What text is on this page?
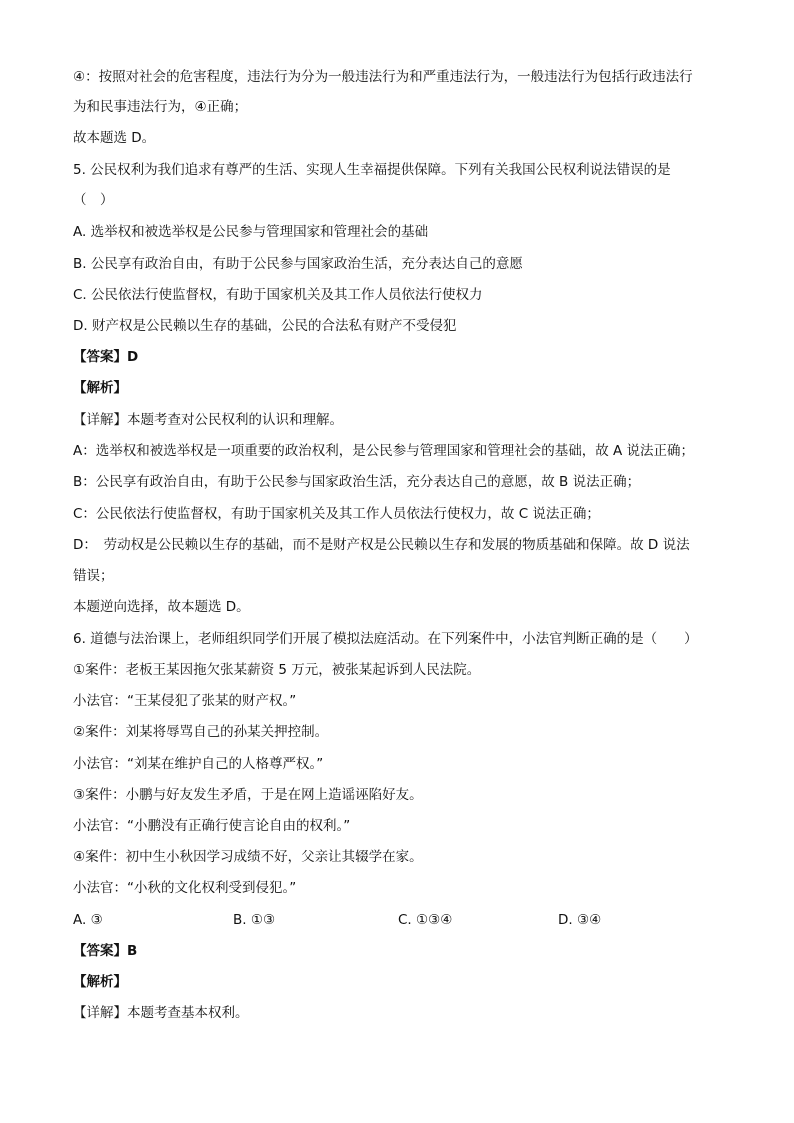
④：按照对社会的危害程度，违法行为分为一般违法行为和严重违法行为，一般违法行为包括行政违法行
为和民事违法行为，④正确；
故本题选 D。
5. 公民权利为我们追求有尊严的生活、实现人生幸福提供保障。下列有关我国公民权利说法错误的是
（　）
A. 选举权和被选举权是公民参与管理国家和管理社会的基础
B. 公民享有政治自由，有助于公民参与国家政治生活，充分表达自己的意愿
C. 公民依法行使监督权，有助于国家机关及其工作人员依法行使权力
D. 财产权是公民赖以生存的基础，公民的合法私有财产不受侵犯
【答案】D
【解析】
【详解】本题考查对公民权利的认识和理解。
A：选举权和被选举权是一项重要的政治权利，是公民参与管理国家和管理社会的基础，故 A 说法正确；
B：公民享有政治自由，有助于公民参与国家政治生活，充分表达自己的意愿，故 B 说法正确；
C：公民依法行使监督权，有助于国家机关及其工作人员依法行使权力，故 C 说法正确；
D：　劳动权是公民赖以生存的基础，而不是财产权是公民赖以生存和发展的物质基础和保障。故 D 说法
错误；
本题逆向选择，故本题选 D。
6. 道德与法治课上，老师组织同学们开展了模拟法庭活动。在下列案件中，小法官判断正确的是（　　）
①案件：老板王某因拖欠张某薪资 5 万元，被张某起诉到人民法院。
小法官：“王某侵犯了张某的财产权。”
②案件：刘某将辱骂自己的孙某关押控制。
小法官：“刘某在维护自己的人格尊严权。”
③案件：小鹏与好友发生矛盾，于是在网上造谣诬陷好友。
小法官：“小鹏没有正确行使言论自由的权利。”
④案件：初中生小秋因学习成绩不好，父亲让其辍学在家。
小法官：“小秋的文化权利受到侵犯。”
A. ③	B. ①③	C. ①③④	D. ③④
【答案】B
【解析】
【详解】本题考查基本权利。
